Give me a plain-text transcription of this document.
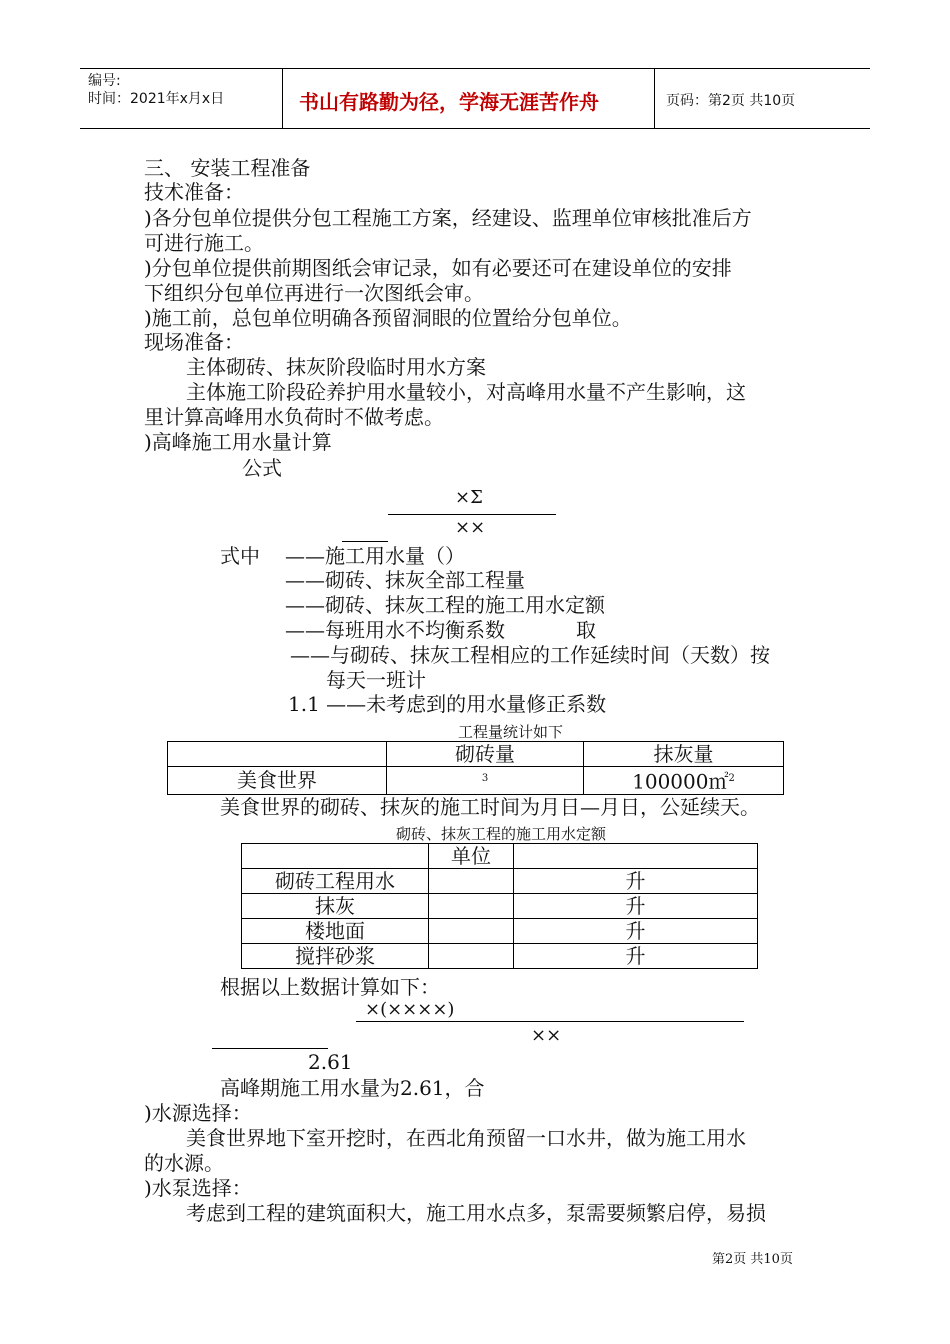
编号:
时间：2021年x月x日	书山有路勤为径，学海无涯苦作舟	页码：第2页 共10页
三、 安装工程准备
技术准备：
)各分包单位提供分包工程施工方案，经建设、监理单位审核批准后方
可进行施工。
)分包单位提供前期图纸会审记录，如有必要还可在建设单位的安排
下组织分包单位再进行一次图纸会审。
)施工前，总包单位明确各预留洞眼的位置给分包单位。
现场准备：
主体砌砖、抹灰阶段临时用水方案
主体施工阶段砼养护用水量较小，对高峰用水量不产生影响，这
里计算高峰用水负荷时不做考虑。
)高峰施工用水量计算
公式
×Σ
××
式中 ——施工用水量（）
——砌砖、抹灰全部工程量
——砌砖、抹灰工程的施工用水定额
——每班用水不均衡系数	取
——与砌砖、抹灰工程相应的工作延续时间（天数）按
每天一班计
1.1 ——未考虑到的用水量修正系数
工程量统计如下
	砌砖量	抹灰量
美食世界	$^3$	100000㎡$^2$
美食世界的砌砖、抹灰的施工时间为月日—月日，公延续天。
砌砖、抹灰工程的施工用水定额
	单位	
砌砖工程用水		升
抹灰		升
楼地面		升
搅拌砂浆		升
根据以上数据计算如下：
×(××××)
××
2.61
高峰期施工用水量为2.61，合
)水源选择：
美食世界地下室开挖时，在西北角预留一口水井，做为施工用水
的水源。
)水泵选择：
考虑到工程的建筑面积大，施工用水点多，泵需要频繁启停，易损
第2页 共10页
